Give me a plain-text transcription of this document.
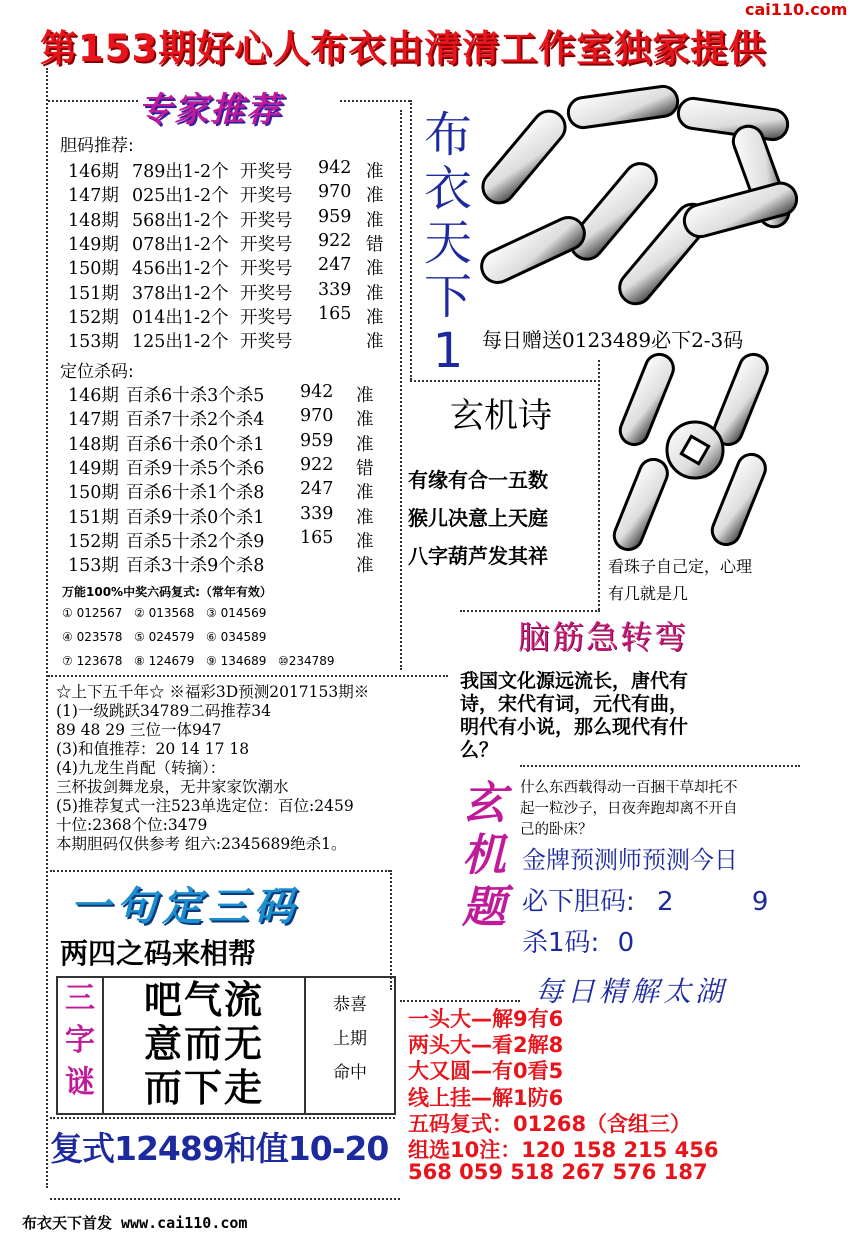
第153期好心人布衣由清清工作室独家提供
cai110.com
专家推荐
胆码推荐:
146期 789出1-2个 开奖号 942 准
147期 025出1-2个 开奖号 970 准
148期 568出1-2个 开奖号 959 准
149期 078出1-2个 开奖号 922 错
150期 456出1-2个 开奖号 247 准
151期 378出1-2个 开奖号 339 准
152期 014出1-2个 开奖号 165 准
153期 125出1-2个 开奖号	准
定位杀码:
146期 百杀6十杀3个杀5 942 准
147期 百杀7十杀2个杀4 970 准
148期 百杀6十杀0个杀1 959 准
149期 百杀9十杀5个杀6 922 错
150期 百杀6十杀1个杀8 247 准
151期 百杀9十杀0个杀1 339 准
152期 百杀5十杀2个杀9 165 准
153期 百杀3十杀9个杀8	准
万能100%中奖六码复式:（常年有效）
① 012567 ② 013568 ③ 014569
④ 023578 ⑤ 024579 ⑥ 034589
⑦ 123678 ⑧ 124679 ⑨ 134689 ⑩234789
☆上下五千年☆ ※福彩3D预测2017153期※
(1)一级跳跃34789二码推荐34
89 48 29 三位一体947
(3)和值推荐：20 14 17 18
(4)九龙生肖配（转摘）：
三杯拔剑舞龙泉，无井家家饮潮水
(5)推荐复式一注523单选定位：百位:2459
十位:2368个位:3479
本期胆码仅供参考 组六:2345689绝杀1。
一句定三码
两四之码来相帮
三
字
谜
吧气流
意而无
而下走
恭喜
上期
命中
复式12489和值10-20
布
衣
天
下
1 每日赠送0123489必下2-3码
玄机诗
有缘有合一五数
猴儿决意上天庭
八字葫芦发其祥	看珠子自己定，心理
有几就是几
脑筋急转弯
我国文化源远流长，唐代有
诗，宋代有词，元代有曲，
明代有小说，那么现代有什
么？
玄
机
题
什么东西载得动一百捆干草却托不
起一粒沙子，日夜奔跑却离不开自
己的卧床？
金牌预测师预测今日
必下胆码: 2	9
杀1码: 0
每日精解太湖
一头大—解9有6
两头大—看2解8
大又圆—有0看5
线上挂—解1防6
五码复式：01268（含组三）
组选10注：120 158 215 456
568 059 518 267 576 187
布衣天下首发 www.cai110.com
